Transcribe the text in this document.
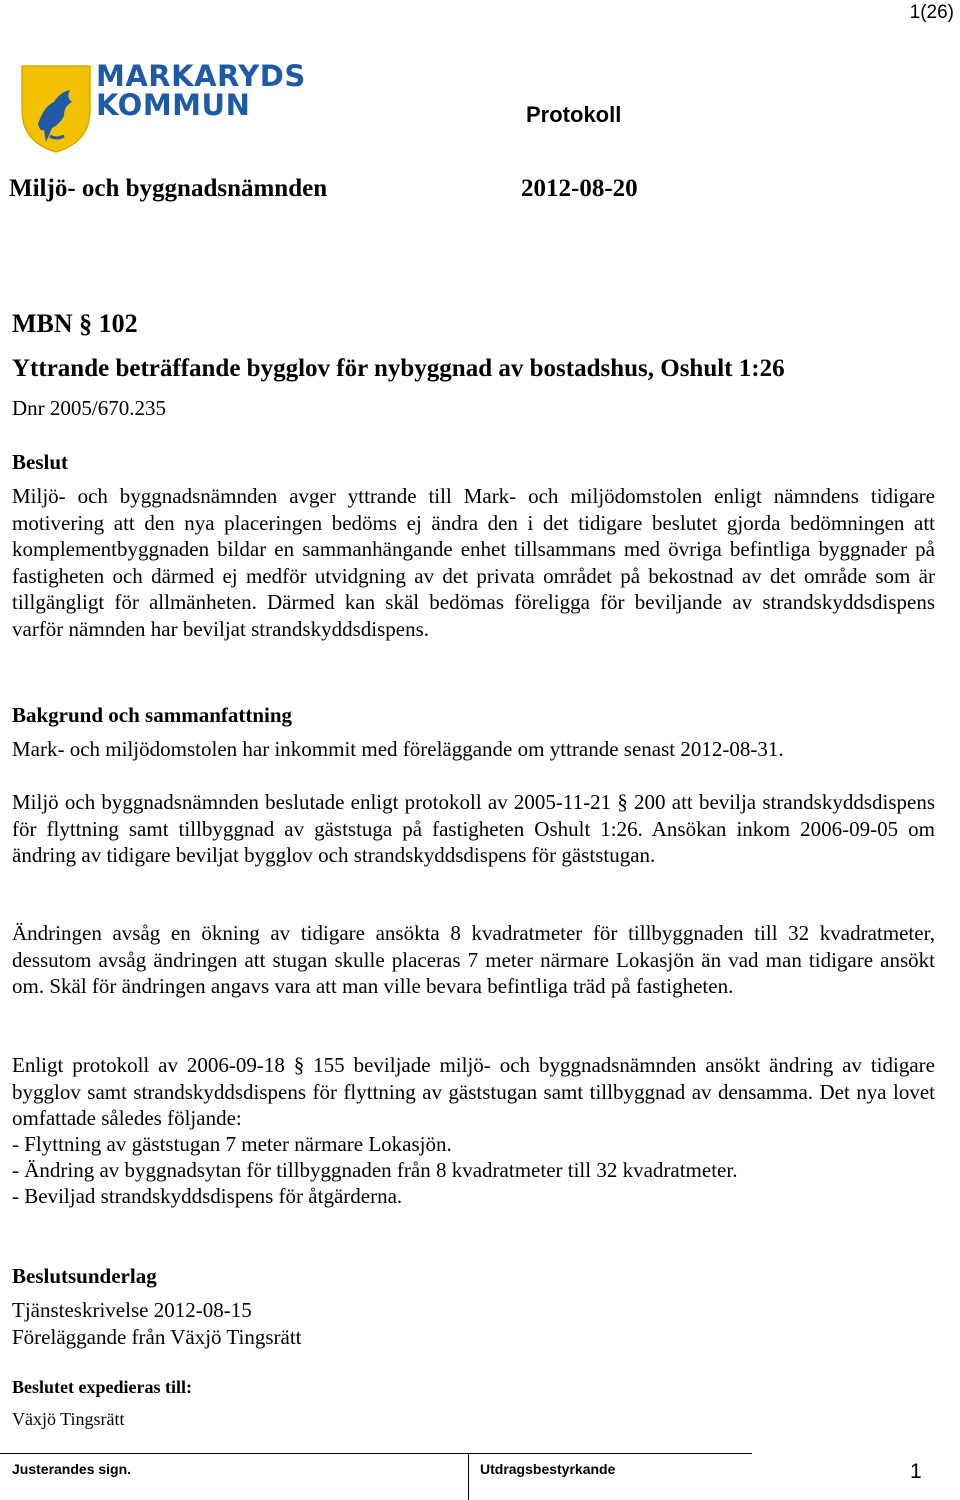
1(26)
MARKARYDS
KOMMUN	Protokoll
Miljö- och byggnadsnämnden	2012-08-20
MBN § 102
Yttrande beträffande bygglov för nybyggnad av bostadshus, Oshult 1:26
Dnr 2005/670.235
Beslut
Miljö- och byggnadsnämnden avger yttrande till Mark- och miljödomstolen enligt nämndens tidigare motivering att den nya placeringen bedöms ej ändra den i det tidigare beslutet gjorda bedömningen att komplementbyggnaden bildar en sammanhängande enhet tillsammans med övriga befintliga byggnader på fastigheten och därmed ej medför utvidgning av det privata området på bekostnad av det område som är tillgängligt för allmänheten. Därmed kan skäl bedömas föreligga för beviljande av strandskyddsdispens varför nämnden har beviljat strandskyddsdispens.
Bakgrund och sammanfattning
Mark- och miljödomstolen har inkommit med föreläggande om yttrande senast 2012-08-31.
Miljö och byggnadsnämnden beslutade enligt protokoll av 2005-11-21 § 200 att bevilja strandskyddsdispens för flyttning samt tillbyggnad av gäststuga på fastigheten Oshult 1:26. Ansökan inkom 2006-09-05 om ändring av tidigare beviljat bygglov och strandskyddsdispens för gäststugan.
Ändringen avsåg en ökning av tidigare ansökta 8 kvadratmeter för tillbyggnaden till 32 kvadratmeter, dessutom avsåg ändringen att stugan skulle placeras 7 meter närmare Lokasjön än vad man tidigare ansökt om. Skäl för ändringen angavs vara att man ville bevara befintliga träd på fastigheten.
Enligt protokoll av 2006-09-18 § 155 beviljade miljö- och byggnadsnämnden ansökt ändring av tidigare bygglov samt strandskyddsdispens för flyttning av gäststugan samt tillbyggnad av densamma. Det nya lovet omfattade således följande:
- Flyttning av gäststugan 7 meter närmare Lokasjön.
- Ändring av byggnadsytan för tillbyggnaden från 8 kvadratmeter till 32 kvadratmeter.
- Beviljad strandskyddsdispens för åtgärderna.
Beslutsunderlag
Tjänsteskrivelse 2012-08-15
Föreläggande från Växjö Tingsrätt
Beslutet expedieras till:
Växjö Tingsrätt
Justerandes sign.	Utdragsbestyrkande	1
